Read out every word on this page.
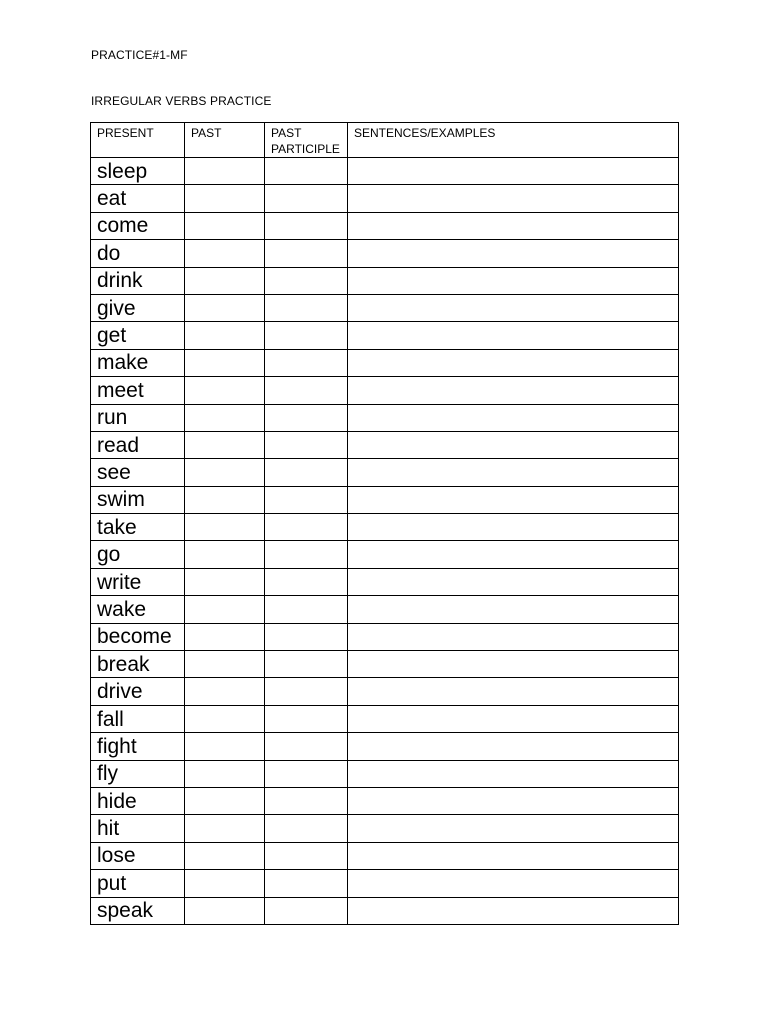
PRACTICE#1-MF
IRREGULAR VERBS PRACTICE
PRESENT	PAST	PAST PARTICIPLE	SENTENCES/EXAMPLES
sleep			
eat			
come			
do			
drink			
give			
get			
make			
meet			
run			
read			
see			
swim			
take			
go			
write			
wake			
become			
break			
drive			
fall			
fight			
fly			
hide			
hit			
lose			
put			
speak			
